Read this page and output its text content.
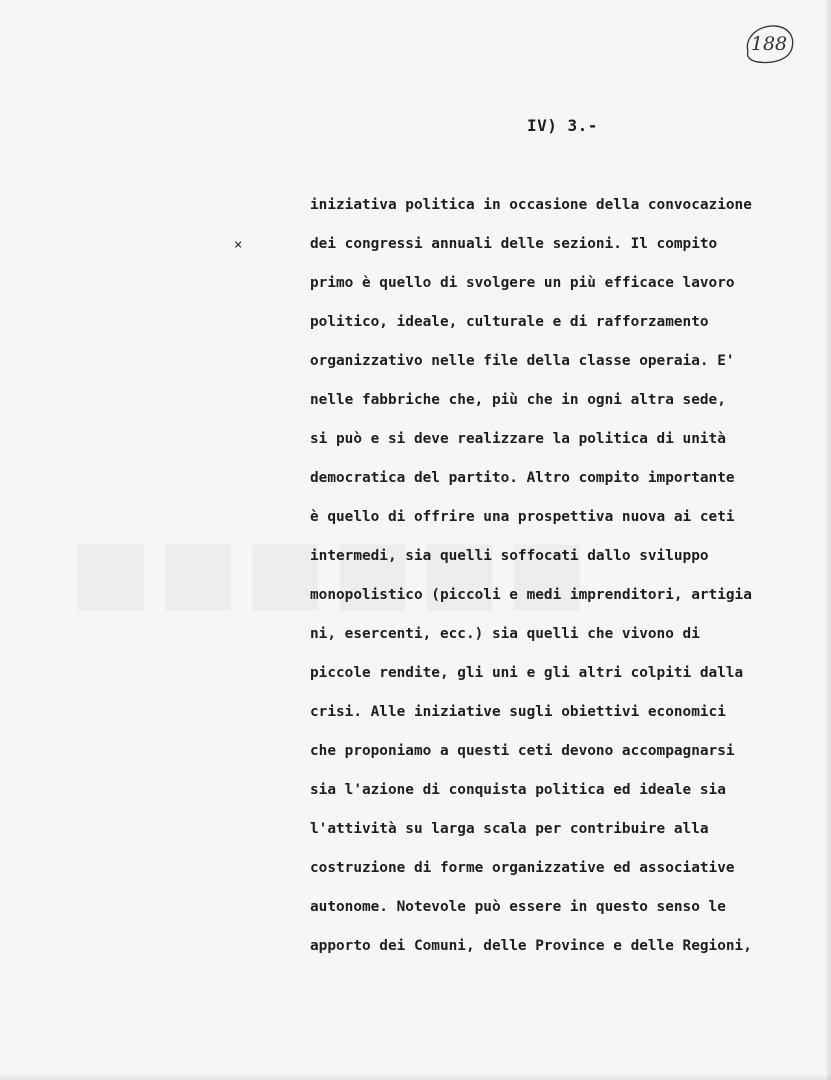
188
IV) 3.-
×
iniziativa politica in occasione della convocazione
dei congressi annuali delle sezioni. Il compito
primo è quello di svolgere un più efficace lavoro
politico, ideale, culturale e di rafforzamento
organizzativo nelle file della classe operaia. E'
nelle fabbriche che, più che in ogni altra sede,
si può e si deve realizzare la politica di unità
democratica del partito. Altro compito importante
è quello di offrire una prospettiva nuova ai ceti
intermedi, sia quelli soffocati dallo sviluppo
monopolistico (piccoli e medi imprenditori, artigia
ni, esercenti, ecc.) sia quelli che vivono di
piccole rendite, gli uni e gli altri colpiti dalla
crisi. Alle iniziative sugli obiettivi economici
che proponiamo a questi ceti devono accompagnarsi
sia l'azione di conquista politica ed ideale sia
l'attività su larga scala per contribuire alla
costruzione di forme organizzative ed associative
autonome. Notevole può essere in questo senso le
apporto dei Comuni, delle Province e delle Regioni,
